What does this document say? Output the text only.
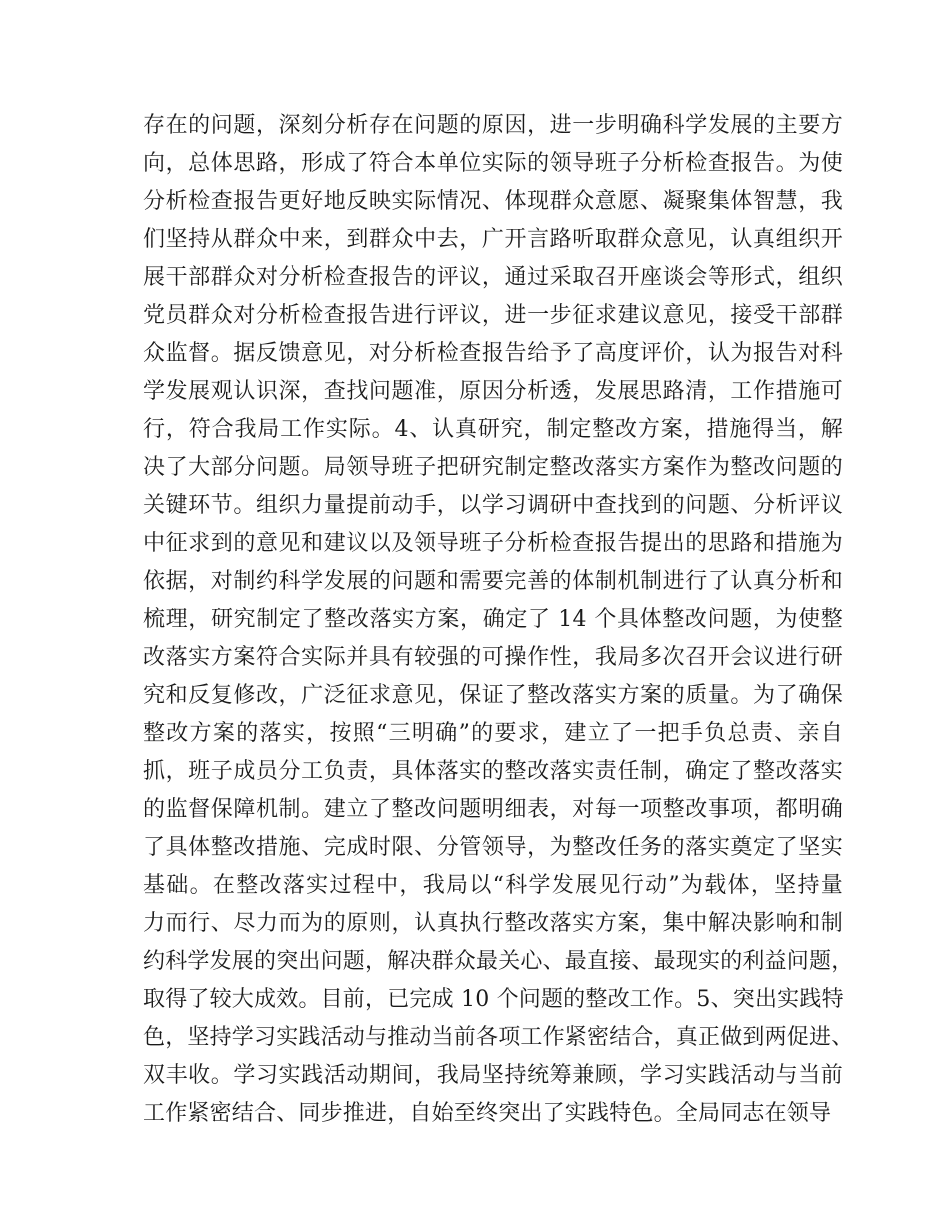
存在的问题，深刻分析存在问题的原因，进一步明确科学发展的主要方
向，总体思路，形成了符合本单位实际的领导班子分析检查报告。为使
分析检查报告更好地反映实际情况、体现群众意愿、凝聚集体智慧，我
们坚持从群众中来，到群众中去，广开言路听取群众意见，认真组织开
展干部群众对分析检查报告的评议，通过采取召开座谈会等形式，组织
党员群众对分析检查报告进行评议，进一步征求建议意见，接受干部群
众监督。据反馈意见，对分析检查报告给予了高度评价，认为报告对科
学发展观认识深，查找问题准，原因分析透，发展思路清，工作措施可
行，符合我局工作实际。4、认真研究，制定整改方案，措施得当，解
决了大部分问题。局领导班子把研究制定整改落实方案作为整改问题的
关键环节。组织力量提前动手，以学习调研中查找到的问题、分析评议
中征求到的意见和建议以及领导班子分析检查报告提出的思路和措施为
依据，对制约科学发展的问题和需要完善的体制机制进行了认真分析和
梳理，研究制定了整改落实方案，确定了 14 个具体整改问题，为使整
改落实方案符合实际并具有较强的可操作性，我局多次召开会议进行研
究和反复修改，广泛征求意见，保证了整改落实方案的质量。为了确保
整改方案的落实，按照“三明确”的要求，建立了一把手负总责、亲自
抓，班子成员分工负责，具体落实的整改落实责任制，确定了整改落实
的监督保障机制。建立了整改问题明细表，对每一项整改事项，都明确
了具体整改措施、完成时限、分管领导，为整改任务的落实奠定了坚实
基础。在整改落实过程中，我局以“科学发展见行动”为载体，坚持量
力而行、尽力而为的原则，认真执行整改落实方案，集中解决影响和制
约科学发展的突出问题，解决群众最关心、最直接、最现实的利益问题，
取得了较大成效。目前，已完成 10 个问题的整改工作。5、突出实践特
色，坚持学习实践活动与推动当前各项工作紧密结合，真正做到两促进、
双丰收。学习实践活动期间，我局坚持统筹兼顾，学习实践活动与当前
工作紧密结合、同步推进，自始至终突出了实践特色。全局同志在领导
